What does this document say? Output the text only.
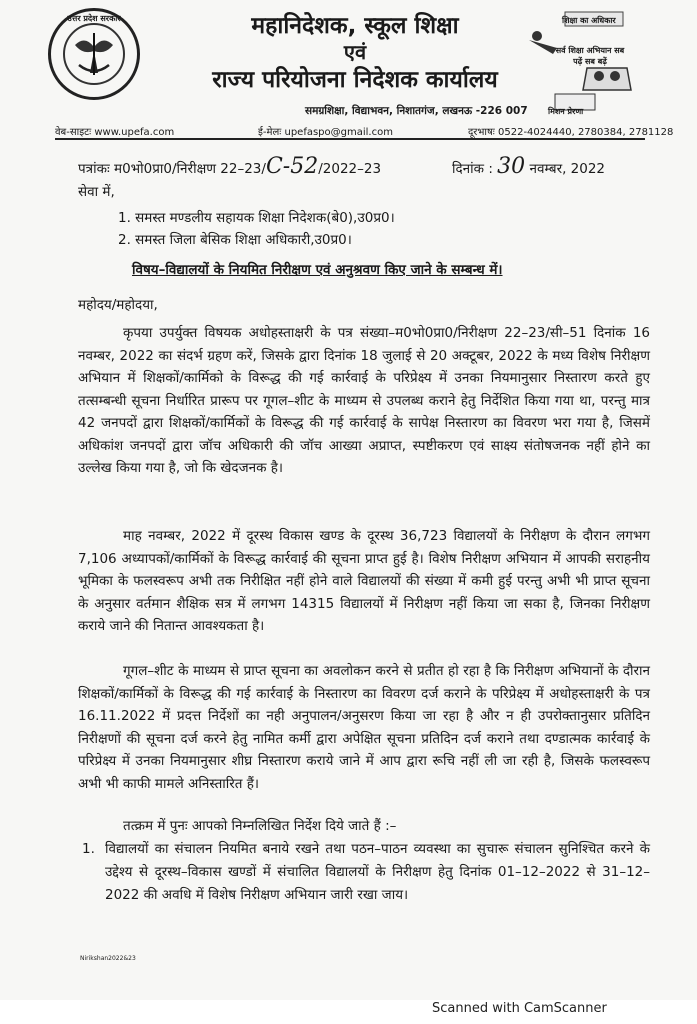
उत्तर प्रदेश सरकार	महानिदेशक, स्कूल शिक्षा
एवं
राज्य परियोजना निदेशक कार्यालय
समग्रशिक्षा, विद्याभवन, निशातगंज, लखनऊ -226 007
शिक्षा का अधिकार
सर्व शिक्षा अभियान सब पढ़ें सब बढ़ें
मिशन प्रेरणा
वेब-साइटः www.upefa.com	ई-मेलः upefaspo@gmail.com	दूरभाषः 0522-4024440, 2780384, 2781128
पत्रांकः म0भो0प्रा0/निरीक्षण 22–23/C-52/2022–23	दिनांक : 30 नवम्बर, 2022
सेवा में,
1. समस्त मण्डलीय सहायक शिक्षा निदेशक(बे0),उ0प्र0।
2. समस्त जिला बेसिक शिक्षा अधिकारी,उ0प्र0।
विषय–विद्यालयों के नियमित निरीक्षण एवं अनुश्रवण किए जाने के सम्बन्ध में।
महोदय/महोदया,

कृपया उपर्युक्त विषयक अधोहस्ताक्षरी के पत्र संख्या–म0भो0प्रा0/निरीक्षण 22–23/सी–51 दिनांक 16 नवम्बर, 2022 का संदर्भ ग्रहण करें, जिसके द्वारा दिनांक 18 जुलाई से 20 अक्टूबर, 2022 के मध्य विशेष निरीक्षण अभियान में शिक्षकों/कार्मिको के विरूद्ध की गई कार्रवाई के परिप्रेक्ष्य में उनका नियमानुसार निस्तारण करते हुए तत्सम्बन्धी सूचना निर्धारित प्रारूप पर गूगल–शीट के माध्यम से उपलब्ध कराने हेतु निर्देशित किया गया था, परन्तु मात्र 42 जनपदों द्वारा शिक्षकों/कार्मिकों के विरूद्ध की गई कार्रवाई के सापेक्ष निस्तारण का विवरण भरा गया है, जिसमें अधिकांश जनपदों द्वारा जॉच अधिकारी की जॉच आख्या अप्राप्त, स्पष्टीकरण एवं साक्ष्य संतोषजनक नहीं होने का उल्लेख किया गया है, जो कि खेदजनक है।

माह नवम्बर, 2022 में दूरस्थ विकास खण्ड के दूरस्थ 36,723 विद्यालयों के निरीक्षण के दौरान लगभग 7,106 अध्यापकों/कार्मिकों के विरूद्ध कार्रवाई की सूचना प्राप्त हुई है। विशेष निरीक्षण अभियान में आपकी सराहनीय भूमिका के फलस्वरूप अभी तक निरीक्षित नहीं होने वाले विद्यालयों की संख्या में कमी हुई परन्तु अभी भी प्राप्त सूचना के अनुसार वर्तमान शैक्षिक सत्र में लगभग 14315 विद्यालयों में निरीक्षण नहीं किया जा सका है, जिनका निरीक्षण कराये जाने की नितान्त आवश्यकता है।

गूगल–शीट के माध्यम से प्राप्त सूचना का अवलोकन करने से प्रतीत हो रहा है कि निरीक्षण अभियानों के दौरान शिक्षकों/कार्मिकों के विरूद्ध की गई कार्रवाई के निस्तारण का विवरण दर्ज कराने के परिप्रेक्ष्य में अधोहस्ताक्षरी के पत्र 16.11.2022 में प्रदत्त निर्देशों का नही अनुपालन/अनुसरण किया जा रहा है और न ही उपरोक्तानुसार प्रतिदिन निरीक्षणों की सूचना दर्ज करने हेतु नामित कर्मी द्वारा अपेक्षित सूचना प्रतिदिन दर्ज कराने तथा दण्डात्मक कार्रवाई के परिप्रेक्ष्य में उनका नियमानुसार शीघ्र निस्तारण कराये जाने में आप द्वारा रूचि नहीं ली जा रही है, जिसके फलस्वरूप अभी भी काफी मामले अनिस्तारित हैं।

तत्क्रम में पुनः आपको निम्नलिखित निर्देश दिये जाते हैं :–

1. विद्यालयों का संचालन नियमित बनाये रखने तथा पठन–पाठन व्यवस्था का सुचारू संचालन सुनिश्चित करने के उद्देश्य से दूरस्थ–विकास खण्डों में संचालित विद्यालयों के निरीक्षण हेतु दिनांक 01–12–2022 से 31–12–2022 की अवधि में विशेष निरीक्षण अभियान जारी रखा जाय।

Nirikshan2022&23
Scanned with CamScanner
